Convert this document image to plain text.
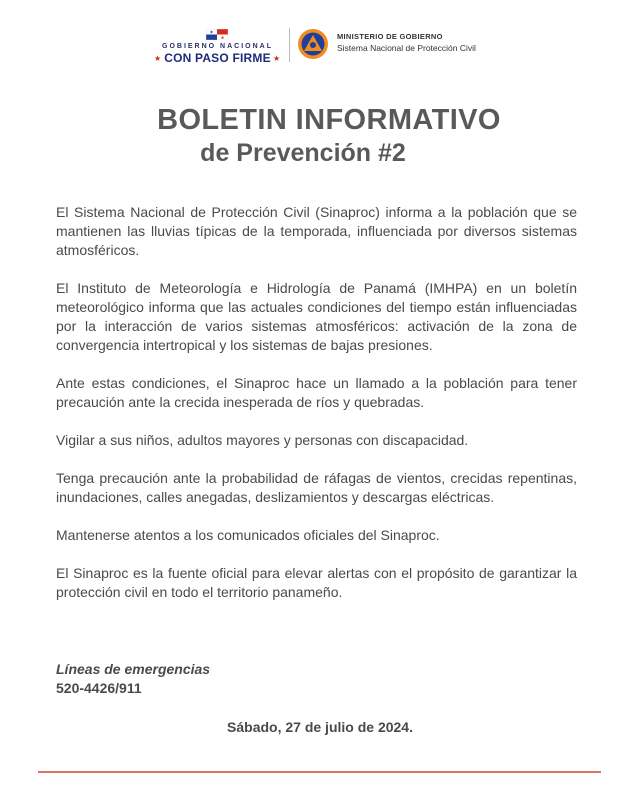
★
★
GOBIERNO NACIONAL
★ CON PASO FIRME ★
MINISTERIO DE GOBIERNO
Sistema Nacional de Protección Civil
BOLETIN INFORMATIVO
de Prevención #2

El Sistema Nacional de Protección Civil (Sinaproc) informa a la población que se mantienen las lluvias típicas de la temporada, influenciada por diversos sistemas atmosféricos.

El Instituto de Meteorología e Hidrología de Panamá (IMHPA) en un boletín meteorológico informa que las actuales condiciones del tiempo están influenciadas por la interacción de varios sistemas atmosféricos: activación de la zona de convergencia intertropical y los sistemas de bajas presiones.

Ante estas condiciones, el Sinaproc hace un llamado a la población para tener precaución ante la crecida inesperada de ríos y quebradas.

Vigilar a sus niños, adultos mayores y personas con discapacidad.

Tenga precaución ante la probabilidad de ráfagas de vientos, crecidas repentinas, inundaciones, calles anegadas, deslizamientos y descargas eléctricas.

Mantenerse atentos a los comunicados oficiales del Sinaproc.

El Sinaproc es la fuente oficial para elevar alertas con el propósito de garantizar la protección civil en todo el territorio panameño.

Líneas de emergencias
520-4426/911
Sábado, 27 de julio de 2024.
